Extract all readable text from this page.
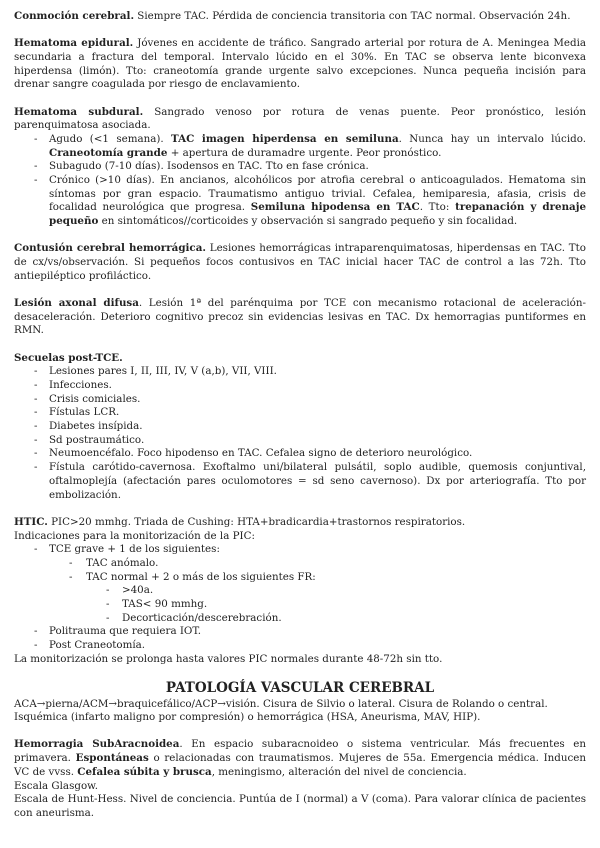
Conmoción cerebral. Siempre TAC. Pérdida de conciencia transitoria con TAC normal. Observación 24h.

Hematoma epidural. Jóvenes en accidente de tráfico. Sangrado arterial por rotura de A. Meningea Media secundaria a fractura del temporal. Intervalo lúcido en el 30%. En TAC se observa lente biconvexa hiperdensa (limón). Tto: craneotomía grande urgente salvo excepciones. Nunca pequeña incisión para drenar sangre coagulada por riesgo de enclavamiento.

Hematoma subdural. Sangrado venoso por rotura de venas puente. Peor pronóstico, lesión parenquimatosa asociada.

- Agudo (<1 semana). TAC imagen hiperdensa en semiluna. Nunca hay un intervalo lúcido. Craneotomía grande + apertura de duramadre urgente. Peor pronóstico.
- Subagudo (7-10 días). Isodensos en TAC. Tto en fase crónica.
- Crónico (>10 días). En ancianos, alcohólicos por atrofia cerebral o anticoagulados. Hematoma sin síntomas por gran espacio. Traumatismo antiguo trivial. Cefalea, hemiparesia, afasia, crisis de focalidad neurológica que progresa. Semiluna hipodensa en TAC. Tto: trepanación y drenaje pequeño en sintomáticos//corticoides y observación si sangrado pequeño y sin focalidad.

Contusión cerebral hemorrágica. Lesiones hemorrágicas intraparenquimatosas, hiperdensas en TAC. Tto de cx/vs/observación. Si pequeños focos contusivos en TAC inicial hacer TAC de control a las 72h. Tto antiepiléptico profiláctico.

Lesión axonal difusa. Lesión 1ª del parénquima por TCE con mecanismo rotacional de aceleración-desaceleración. Deterioro cognitivo precoz sin evidencias lesivas en TAC. Dx hemorragias puntiformes en RMN.

Secuelas post-TCE.

- Lesiones pares I, II, III, IV, V (a,b), VII, VIII.
- Infecciones.
- Crisis comiciales.
- Fístulas LCR.
- Diabetes insípida.
- Sd postraumático.
- Neumoencéfalo. Foco hipodenso en TAC. Cefalea signo de deterioro neurológico.
- Fístula carótido-cavernosa. Exoftalmo uni/bilateral pulsátil, soplo audible, quemosis conjuntival, oftalmoplejía (afectación pares oculomotores = sd seno cavernoso). Dx por arteriografía. Tto por embolización.

HTIC. PIC>20 mmhg. Triada de Cushing: HTA+bradicardia+trastornos respiratorios.

Indicaciones para la monitorización de la PIC:

- TCE grave + 1 de los siguientes:
- TAC anómalo.
- TAC normal + 2 o más de los siguientes FR:
- >40a.
- TAS< 90 mmhg.
- Decorticación/descerebración.
- Politrauma que requiera IOT.
- Post Craneotomía.

La monitorización se prolonga hasta valores PIC normales durante 48-72h sin tto.

PATOLOGÍA VASCULAR CEREBRAL

ACA→pierna/ACM→braquicefálico/ACP→visión. Cisura de Silvio o lateral. Cisura de Rolando o central.

Isquémica (infarto maligno por compresión) o hemorrágica (HSA, Aneurisma, MAV, HIP).

Hemorragia SubAracnoidea. En espacio subaracnoideo o sistema ventricular. Más frecuentes en primavera. Espontáneas o relacionadas con traumatismos. Mujeres de 55a. Emergencia médica. Inducen VC de vvss. Cefalea súbita y brusca, meningismo, alteración del nivel de conciencia.

Escala Glasgow.

Escala de Hunt-Hess. Nivel de conciencia. Puntúa de I (normal) a V (coma). Para valorar clínica de pacientes con aneurisma.
